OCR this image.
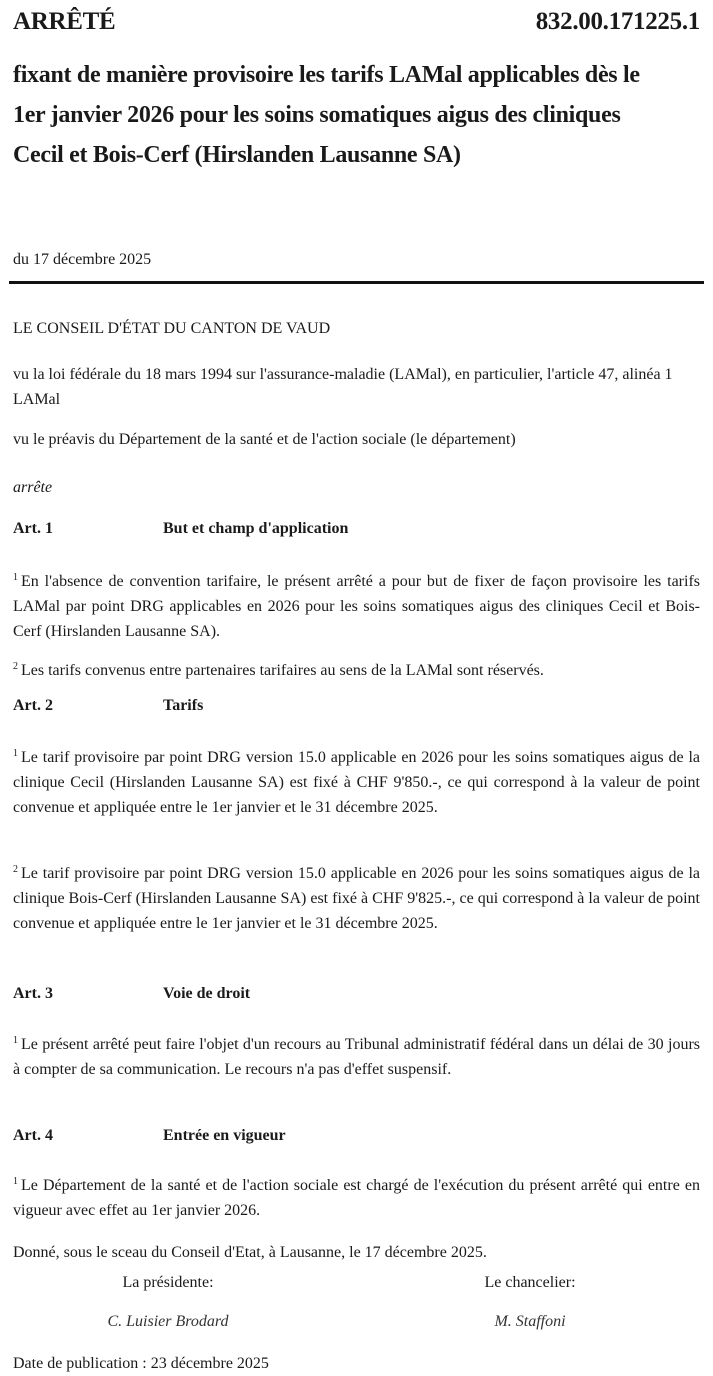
ARRÊTÉ	832.00.171225.1
fixant de manière provisoire les tarifs LAMal applicables dès le 1er janvier 2026 pour les soins somatiques aigus des cliniques Cecil et Bois-Cerf (Hirslanden Lausanne SA)
du 17 décembre 2025
LE CONSEIL D'ÉTAT DU CANTON DE VAUD
vu la loi fédérale du 18 mars 1994 sur l'assurance-maladie (LAMal), en particulier, l'article 47, alinéa 1 LAMal
vu le préavis du Département de la santé et de l'action sociale (le département)
arrête
Art. 1	But et champ d'application
$^1$ En l'absence de convention tarifaire, le présent arrêté a pour but de fixer de façon provisoire les tarifs LAMal par point DRG applicables en 2026 pour les soins somatiques aigus des cliniques Cecil et Bois-Cerf (Hirslanden Lausanne SA).
$^2$ Les tarifs convenus entre partenaires tarifaires au sens de la LAMal sont réservés.
Art. 2	Tarifs
$^1$ Le tarif provisoire par point DRG version 15.0 applicable en 2026 pour les soins somatiques aigus de la clinique Cecil (Hirslanden Lausanne SA) est fixé à CHF 9'850.-, ce qui correspond à la valeur de point convenue et appliquée entre le 1er janvier et le 31 décembre 2025.
$^2$ Le tarif provisoire par point DRG version 15.0 applicable en 2026 pour les soins somatiques aigus de la clinique Bois-Cerf (Hirslanden Lausanne SA) est fixé à CHF 9'825.-, ce qui correspond à la valeur de point convenue et appliquée entre le 1er janvier et le 31 décembre 2025.
Art. 3	Voie de droit
$^1$ Le présent arrêté peut faire l'objet d'un recours au Tribunal administratif fédéral dans un délai de 30 jours à compter de sa communication. Le recours n'a pas d'effet suspensif.
Art. 4	Entrée en vigueur
$^1$ Le Département de la santé et de l'action sociale est chargé de l'exécution du présent arrêté qui entre en vigueur avec effet au 1er janvier 2026.
Donné, sous le sceau du Conseil d'Etat, à Lausanne, le 17 décembre 2025.
La présidente:	Le chancelier:
C. Luisier Brodard	M. Staffoni
Date de publication : 23 décembre 2025
